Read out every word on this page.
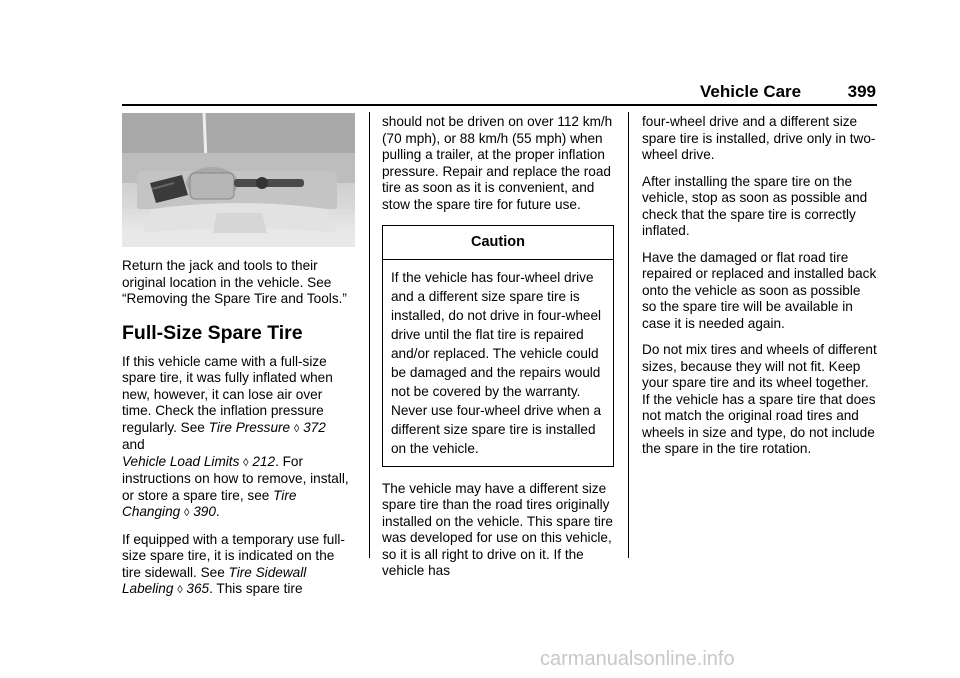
Vehicle Care	399

Return the jack and tools to their original location in the vehicle. See “Removing the Spare Tire and Tools.”

Full-Size Spare Tire

If this vehicle came with a full-size spare tire, it was fully inflated when new, however, it can lose air over time. Check the inflation pressure regularly. See Tire Pressure ◊ 372
and
Vehicle Load Limits ◊ 212. For instructions on how to remove, install, or store a spare tire, see Tire Changing ◊ 390.

If equipped with a temporary use full-size spare tire, it is indicated on the tire sidewall. See Tire Sidewall Labeling ◊ 365. This spare tire

should not be driven on over 112 km/h (70 mph), or 88 km/h (55 mph) when pulling a trailer, at the proper inflation pressure. Repair and replace the road tire as soon as it is convenient, and stow the spare tire for future use.

Caution
If the vehicle has four-wheel drive and a different size spare tire is installed, do not drive in four-wheel drive until the flat tire is repaired and/or replaced. The vehicle could be damaged and the repairs would not be covered by the warranty. Never use four-wheel drive when a different size spare tire is installed on the vehicle.

The vehicle may have a different size spare tire than the road tires originally installed on the vehicle. This spare tire was developed for use on this vehicle, so it is all right to drive on it. If the vehicle has

four-wheel drive and a different size spare tire is installed, drive only in two-wheel drive.

After installing the spare tire on the vehicle, stop as soon as possible and check that the spare tire is correctly inflated.

Have the damaged or flat road tire repaired or replaced and installed back onto the vehicle as soon as possible so the spare tire will be available in case it is needed again.

Do not mix tires and wheels of different sizes, because they will not fit. Keep your spare tire and its wheel together. If the vehicle has a spare tire that does not match the original road tires and wheels in size and type, do not include the spare in the tire rotation.

carmanualsonline.info
